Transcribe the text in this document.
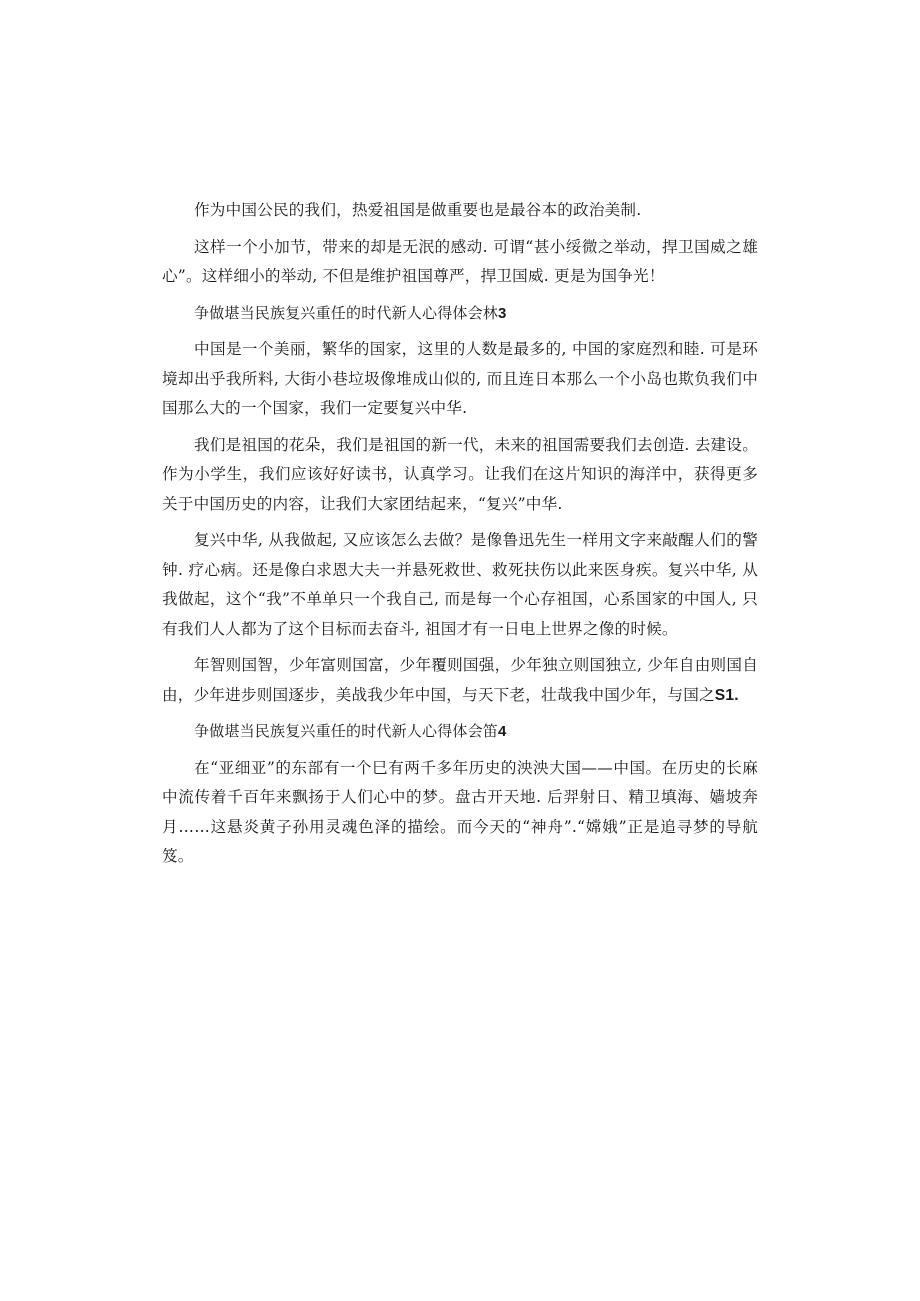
作为中国公民的我们，热爱祖国是做重要也是最谷本的政治美制.

这样一个小加节，带来的却是无泯的感动. 可谓“甚小绥微之举动，捍卫国威之雄心”。这样细小的举动, 不但是维护祖国尊严，捍卫国威. 更是为国争光！

争做堪当民族复兴重任的时代新人心得体会林3

中国是一个美丽，繁华的国家，这里的人数是最多的, 中国的家庭烈和睦. 可是环境却出乎我所料, 大街小巷垃圾像堆成山似的, 而且连日本那么一个小岛也欺负我们中国那么大的一个国家，我们一定要复兴中华.

我们是祖国的花朵，我们是祖国的新一代，未来的祖国需要我们去创造. 去建设。作为小学生，我们应该好好读书，认真学习。让我们在这片知识的海洋中，获得更多关于中国历史的内容，让我们大家团结起来，“复兴”中华.

复兴中华, 从我做起, 又应该怎么去做？是像鲁迅先生一样用文字来敲醒人们的警钟. 疗心病。还是像白求恩大夫一并悬死救世、救死扶伤以此来医身疾。复兴中华, 从我做起，这个“我”不单单只一个我自己, 而是每一个心存祖国，心系国家的中国人, 只有我们人人都为了这个目标而去奋斗, 祖国才有一日电上世界之像的时候。

年智则国智，少年富则国富，少年覆则国强，少年独立则国独立, 少年自由则国自由，少年进步则国逐步，美战我少年中国，与天下老，壮哉我中国少年，与国之S1.

争做堪当民族复兴重任的时代新人心得体会笛4

在“亚细亚”的东部有一个巳有两千多年历史的泱泱大国——中国。在历史的长麻中流传着千百年来飘扬于人们心中的梦。盘古开天地. 后羿射日、精卫填海、嫱坡奔月……这悬炎黄子孙用灵魂色泽的描绘。而今天的“神舟”.“嫦娥”正是追寻梦的导航笈。
